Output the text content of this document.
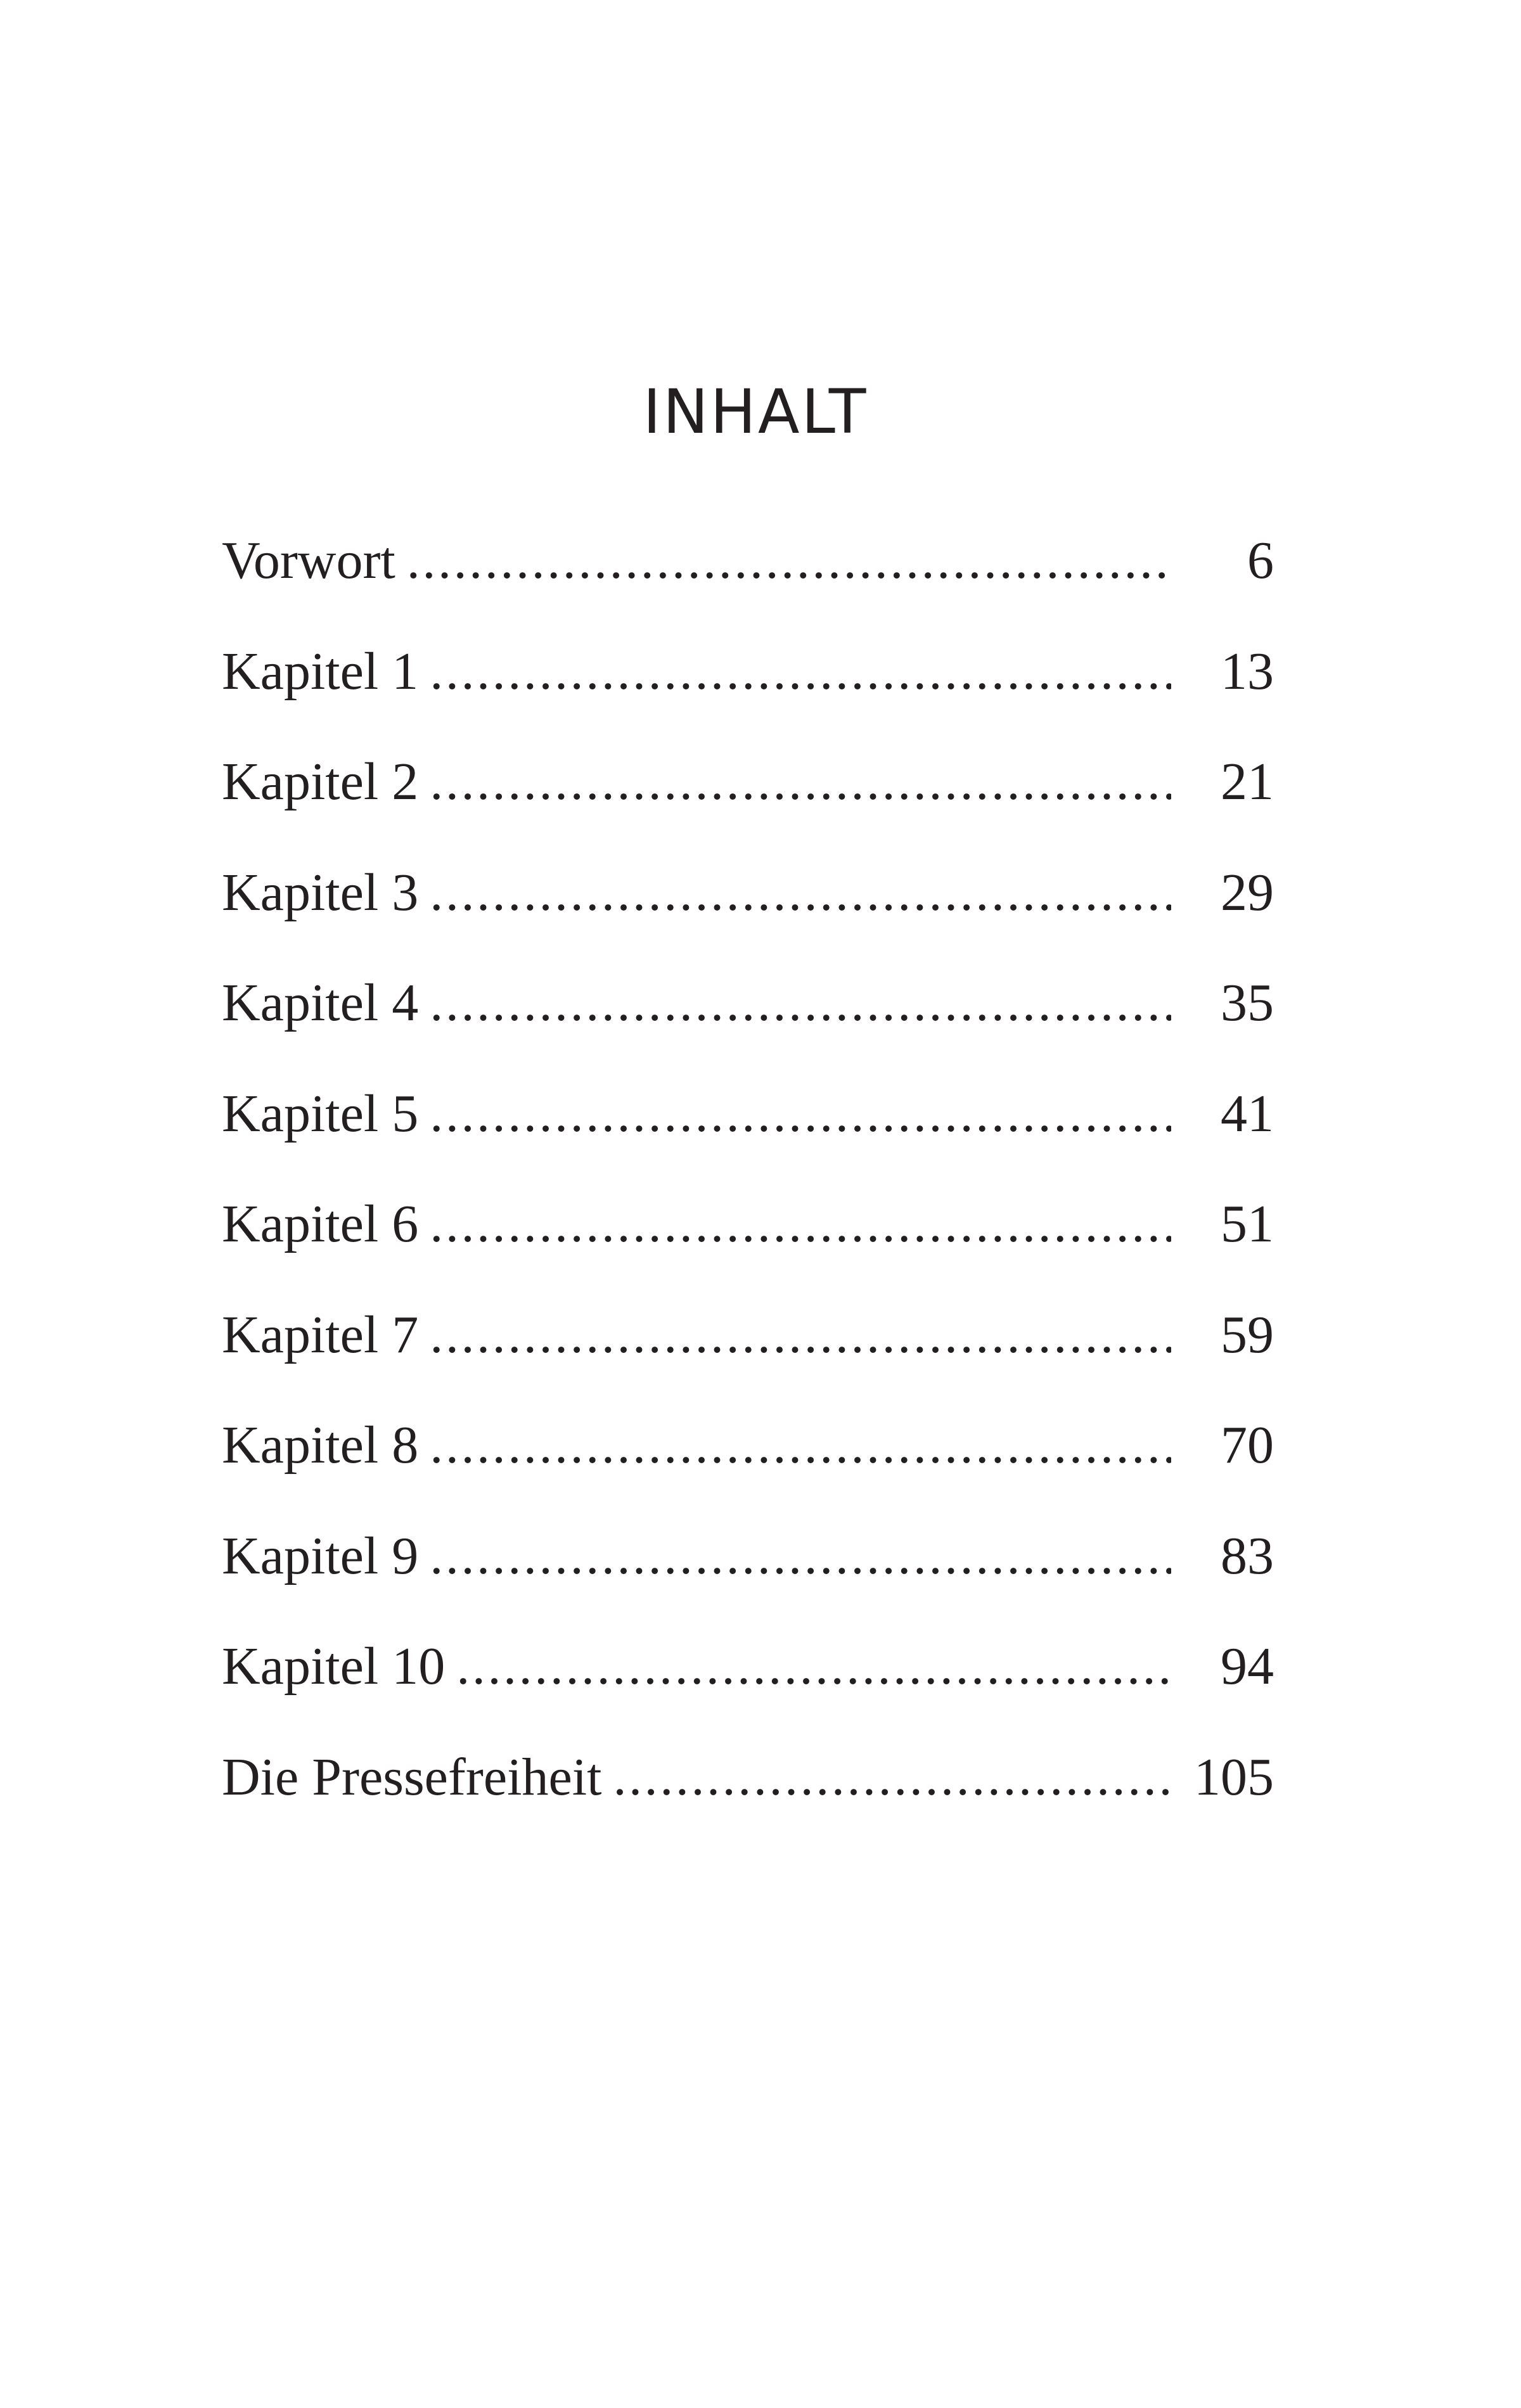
INHALT
Vorwort .....	6
Kapitel 1 .....	13
Kapitel 2 .....	21
Kapitel 3 .....	29
Kapitel 4 .....	35
Kapitel 5 .....	41
Kapitel 6 .....	51
Kapitel 7 .....	59
Kapitel 8 .....	70
Kapitel 9 .....	83
Kapitel 10 .....	94
Die Pressefreiheit .....	105
